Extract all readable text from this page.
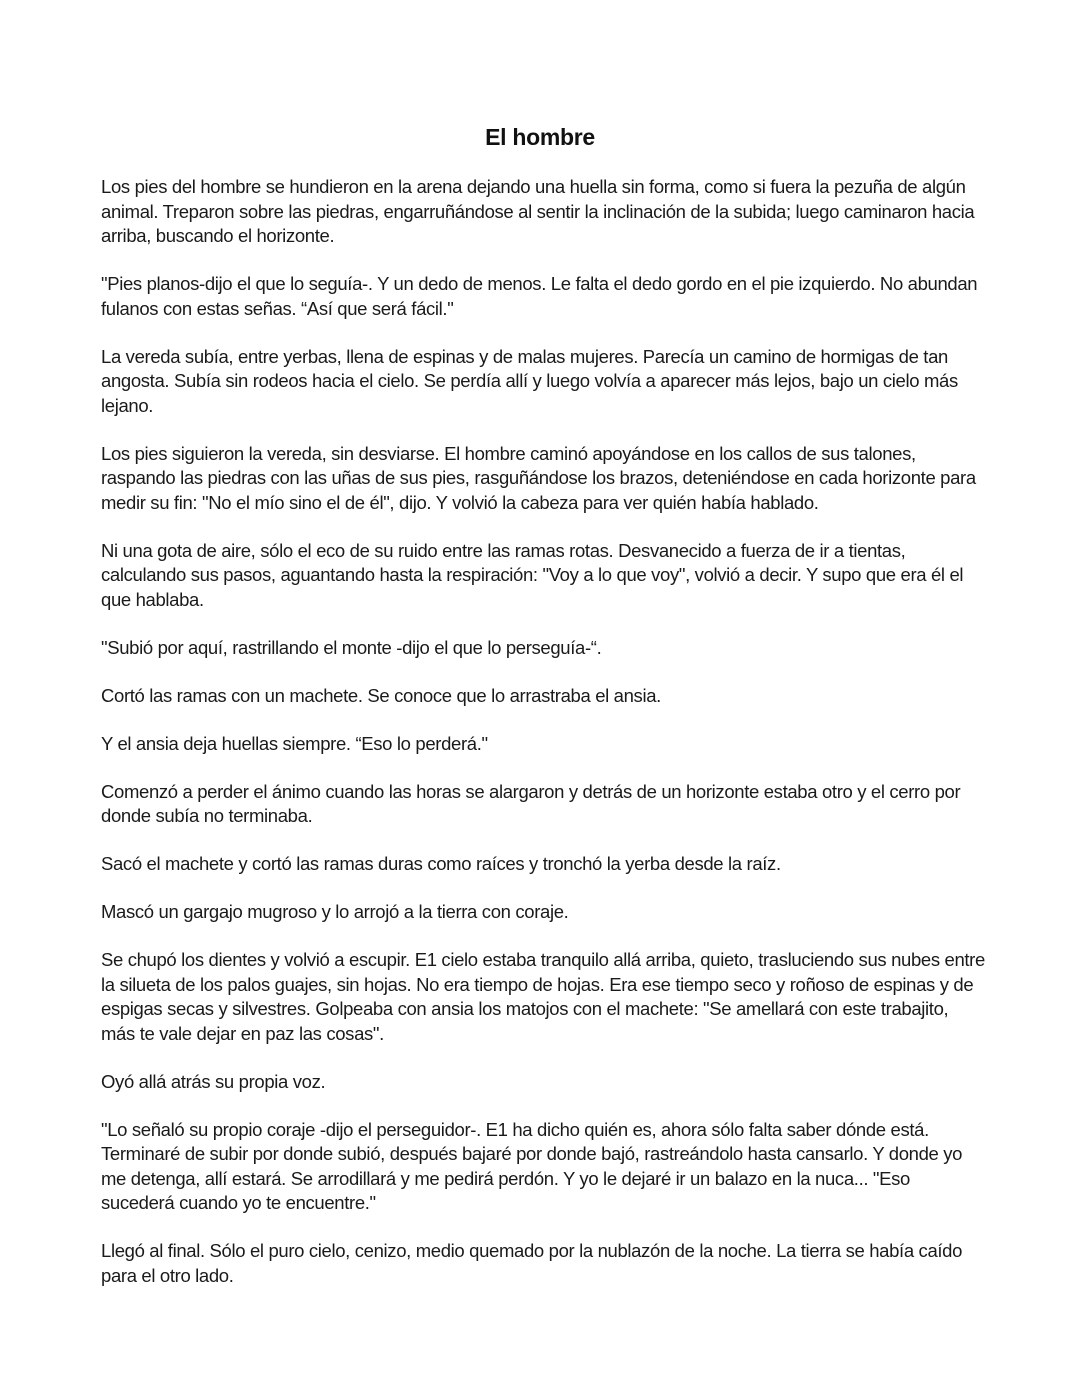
El hombre

Los pies del hombre se hundieron en la arena dejando una huella sin forma, como si fuera la pezuña de algún animal. Treparon sobre las piedras, engarruñándose al sentir la inclinación de la subida; luego caminaron hacia arriba, buscando el horizonte.

"Pies planos-dijo el que lo seguía-. Y un dedo de menos. Le falta el dedo gordo en el pie izquierdo. No abundan fulanos con estas señas. “Así que será fácil."

La vereda subía, entre yerbas, llena de espinas y de malas mujeres. Parecía un camino de hormigas de tan angosta. Subía sin rodeos hacia el cielo. Se perdía allí y luego volvía a aparecer más lejos, bajo un cielo más lejano.

Los pies siguieron la vereda, sin desviarse. El hombre caminó apoyándose en los callos de sus talones, raspando las piedras con las uñas de sus pies, rasguñándose los brazos, deteniéndose en cada horizonte para medir su fin: "No el mío sino el de él", dijo. Y volvió la cabeza para ver quién había hablado.

Ni una gota de aire, sólo el eco de su ruido entre las ramas rotas. Desvanecido a fuerza de ir a tientas, calculando sus pasos, aguantando hasta la respiración: "Voy a lo que voy", volvió a decir. Y supo que era él el que hablaba.

"Subió por aquí, rastrillando el monte -dijo el que lo perseguía-“.

Cortó las ramas con un machete. Se conoce que lo arrastraba el ansia.

Y el ansia deja huellas siempre. “Eso lo perderá."

Comenzó a perder el ánimo cuando las horas se alargaron y detrás de un horizonte estaba otro y el cerro por donde subía no terminaba.

Sacó el machete y cortó las ramas duras como raíces y tronchó la yerba desde la raíz.

Mascó un gargajo mugroso y lo arrojó a la tierra con coraje.

Se chupó los dientes y volvió a escupir. E1 cielo estaba tranquilo allá arriba, quieto, trasluciendo sus nubes entre la silueta de los palos guajes, sin hojas. No era tiempo de hojas. Era ese tiempo seco y roñoso de espinas y de espigas secas y silvestres. Golpeaba con ansia los matojos con el machete: "Se amellará con este trabajito, más te vale dejar en paz las cosas".

Oyó allá atrás su propia voz.

"Lo señaló su propio coraje -dijo el perseguidor-. E1 ha dicho quién es, ahora sólo falta saber dónde está. Terminaré de subir por donde subió, después bajaré por donde bajó, rastreándolo hasta cansarlo. Y donde yo me detenga, allí estará. Se arrodillará y me pedirá perdón. Y yo le dejaré ir un balazo en la nuca... "Eso sucederá cuando yo te encuentre."

Llegó al final. Sólo el puro cielo, cenizo, medio quemado por la nublazón de la noche. La tierra se había caído para el otro lado.
